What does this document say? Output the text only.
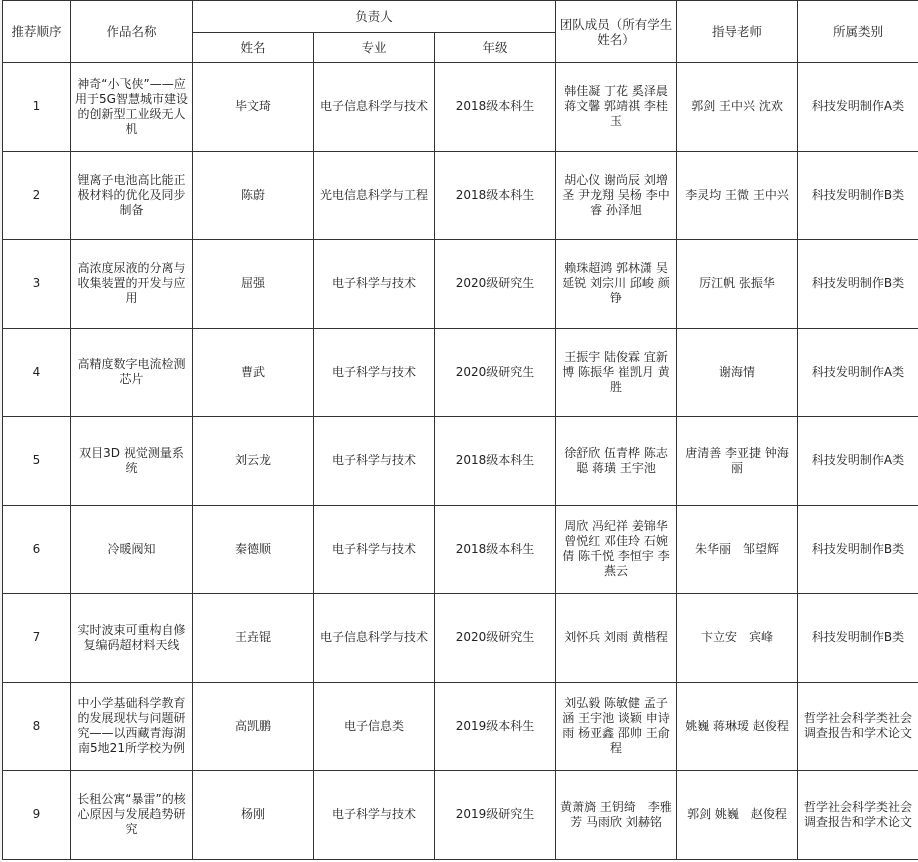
推荐顺序	作品名称	负责人			团队成员（所有学生姓名）	指导老师	所属类别
		姓名	专业	年级			
1	神奇“小飞侠”——应用于5G智慧城市建设的创新型工业级无人机	毕文琦	电子信息科学与技术	2018级本科生	韩佳凝 丁花 奚泽晨 蒋文馨 郭靖祺 李桂玉	郭剑 王中兴 沈欢	科技发明制作A类
2	锂离子电池高比能正极材料的优化及同步制备	陈蔚	光电信息科学与工程	2018级本科生	胡心仪 谢尚辰 刘增圣 尹龙翔 吴杨 李中睿 孙泽旭	李灵均 王微 王中兴	科技发明制作B类
3	高浓度尿液的分离与收集装置的开发与应用	屈强	电子科学与技术	2020级研究生	赖珠超鸿 郭林潇 吴延锐 刘宗川 邱峻 颜铮	厉江帆 张振华	科技发明制作B类
4	高精度数字电流检测芯片	曹武	电子科学与技术	2020级研究生	王振宇 陆俊霖 宜新博 陈振华 崔凯月 黄胜	谢海情	科技发明制作A类
5	双目3D 视觉测量系统	刘云龙	电子科学与技术	2018级本科生	徐舒欣 伍青桦 陈志聪 蒋璜 王宇池	唐清善 李亚捷 钟海丽	科技发明制作A类
6	冷暖阀知	秦德顺	电子科学与技术	2018级本科生	周欣 冯纪祥 姜锦华 曾悦红 邓佳玲 石婉倩 陈千悦 李恒宇 李燕云	朱华丽　邹望辉	科技发明制作B类
7	实时波束可重构自修复编码超材料天线	王垚锟	电子信息科学与技术	2020级研究生	刘怀兵 刘雨 黄楷程	卞立安　宾峰	科技发明制作B类
8	中小学基础科学教育的发展现状与问题研究——以西藏青海湖南5地21所学校为例	高凯鹏	电子信息类	2019级本科生	刘弘毅 陈敏健 孟子涵 王宇池 谈颖 申诗雨 杨亚鑫 邵帅 王俞程	姚巍 蒋琳瑷 赵俊程	哲学社会科学类社会调查报告和学术论文
9	长租公寓“暴雷”的核心原因与发展趋势研究	杨刚	电子科学与技术	2019级研究生	黄萧旖 王钥绮　李雅芳 马雨欣 刘赫铭	郭剑 姚巍　赵俊程	哲学社会科学类社会调查报告和学术论文
